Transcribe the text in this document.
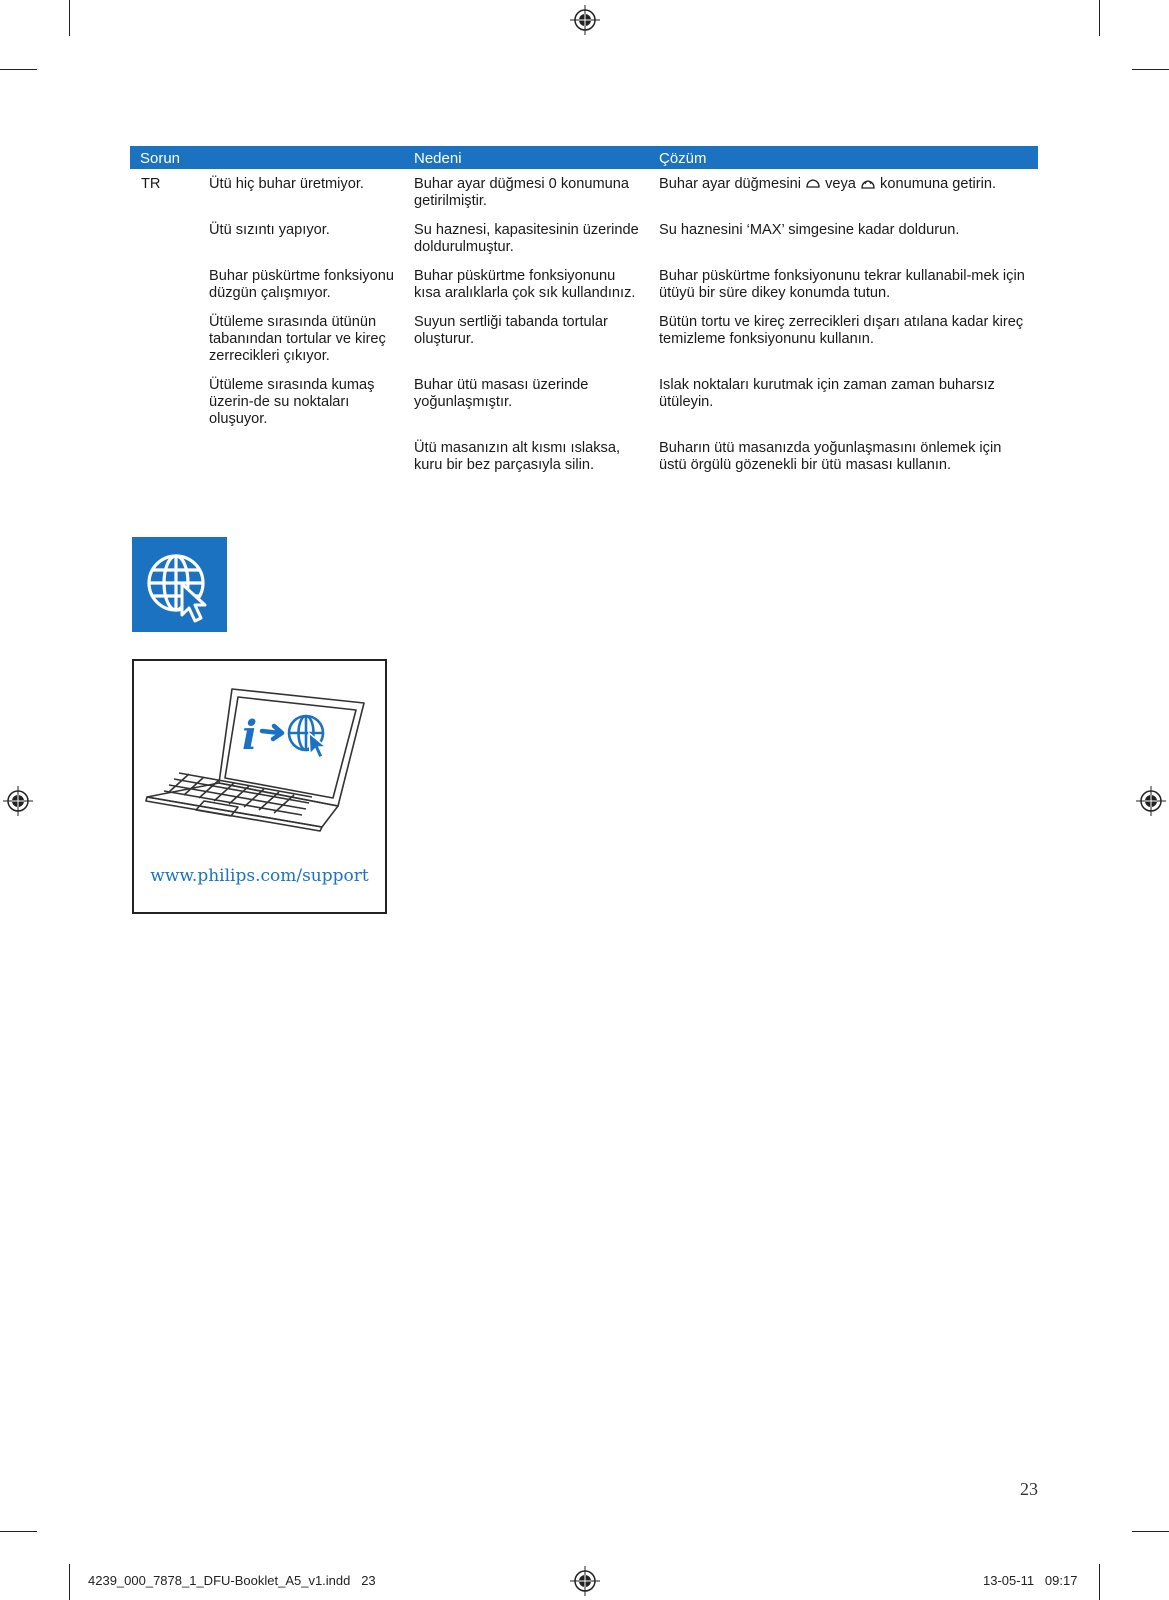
Sorun		Nedeni	Çözüm
TR	Ütü hiç buhar üretmiyor.	Buhar ayar düğmesi 0 konumuna getirilmiştir.	Buhar ayar düğmesini veya konumuna getirin.
	Ütü sızıntı yapıyor.	Su haznesi, kapasitesinin üzerinde doldurulmuştur.	Su haznesini ‘MAX’ simgesine kadar doldurun.
	Buhar püskürtme fonksiyonu düzgün çalışmıyor.	Buhar püskürtme fonksiyonunu kısa aralıklarla çok sık kullandınız.	Buhar püskürtme fonksiyonunu tekrar kullanabil-mek için ütüyü bir süre dikey konumda tutun.
	Ütüleme sırasında ütünün tabanından tortular ve kireç zerrecikleri çıkıyor.	Suyun sertliği tabanda tortular oluşturur.	Bütün tortu ve kireç zerrecikleri dışarı atılana kadar kireç temizleme fonksiyonunu kullanın.
	Ütüleme sırasında kumaş üzerin-de su noktaları oluşuyor.	Buhar ütü masası üzerinde yoğunlaşmıştır.	Islak noktaları kurutmak için zaman zaman buharsız ütüleyin.
		Ütü masanızın alt kısmı ıslaksa, kuru bir bez parçasıyla silin.	Buharın ütü masanızda yoğunlaşmasını önlemek için üstü örgülü gözenekli bir ütü masası kullanın.
i
www.philips.com/support
23
4239_000_7878_1_DFU-Booklet_A5_v1.indd   23	13-05-11   09:17
